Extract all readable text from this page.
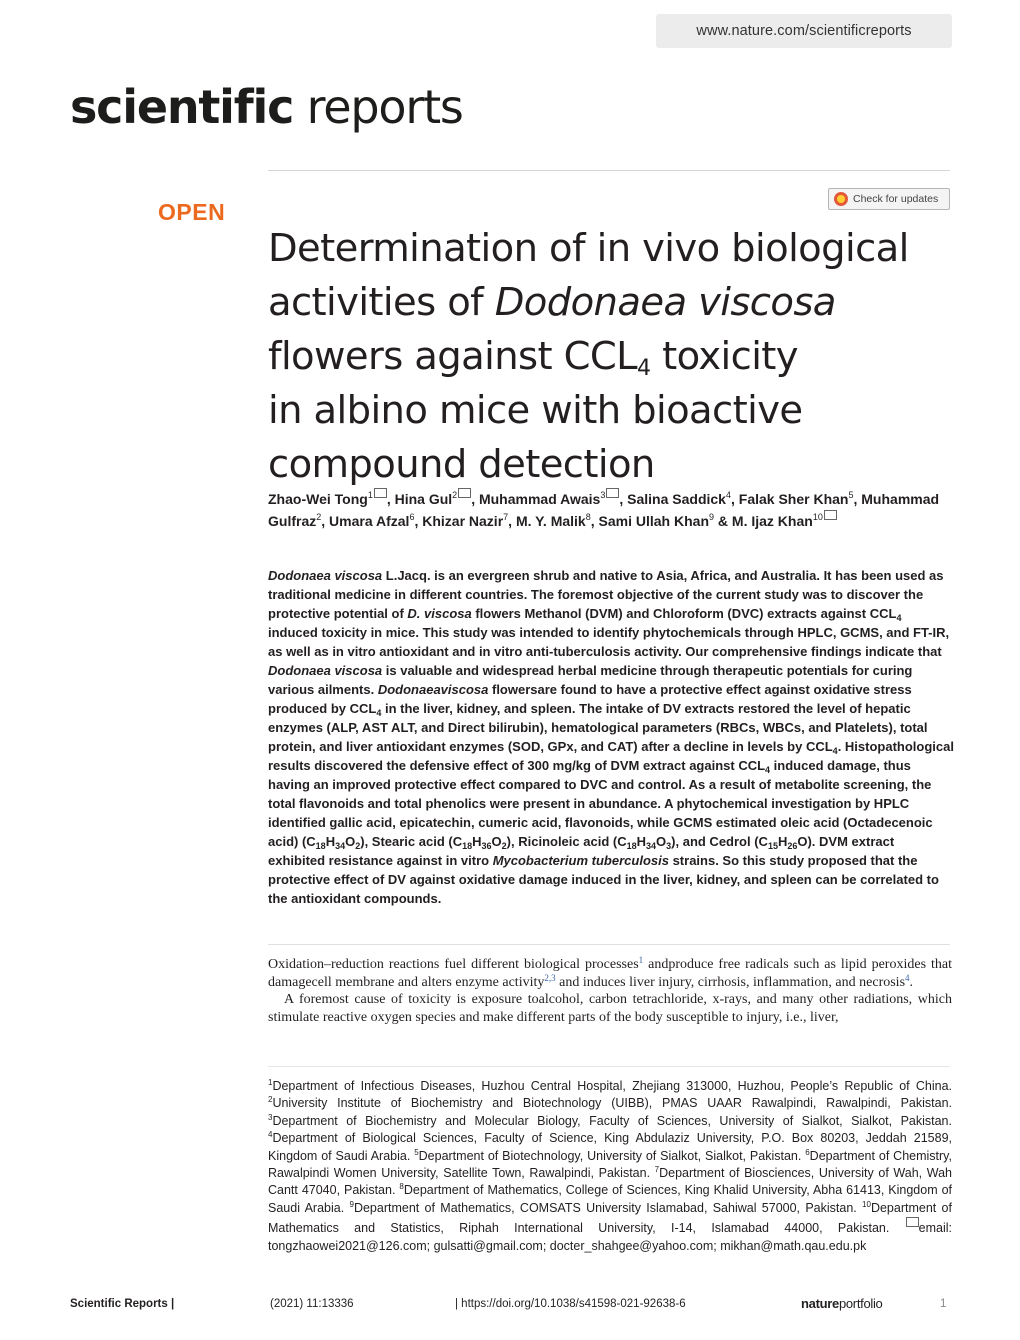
www.nature.com/scientificreports
scientific reports
Check for updates
OPEN
Determination of in vivo biological
activities of Dodonaea viscosa
flowers against $CCL_4$ toxicity
in albino mice with bioactive
compound detection
Zhao-Wei Tong$^1$ , Hina Gul$^2$ , Muhammad Awais$^3$ , Salina Saddick$^4$, Falak Sher Khan$^5$, Muhammad Gulfraz$^2$, Umara Afzal$^6$, Khizar Nazir$^7$, M. Y. Malik$^8$, Sami Ullah Khan$^9$ & M. Ijaz Khan$^{10}$

Dodonaea viscosa L.Jacq. is an evergreen shrub and native to Asia, Africa, and Australia. It has been used as traditional medicine in different countries. The foremost objective of the current study was to discover the protective potential of D. viscosa flowers Methanol (DVM) and Chloroform (DVC) extracts against $CCL_4$ induced toxicity in mice. This study was intended to identify phytochemicals through HPLC, GCMS, and FT-IR, as well as in vitro antioxidant and in vitro anti-tuberculosis activity. Our comprehensive findings indicate that Dodonaea viscosa is valuable and widespread herbal medicine through therapeutic potentials for curing various ailments. Dodonaeaviscosa flowersare found to have a protective effect against oxidative stress produced by $CCL_4$ in the liver, kidney, and spleen. The intake of DV extracts restored the level of hepatic enzymes (ALP, AST ALT, and Direct bilirubin), hematological parameters (RBCs, WBCs, and Platelets), total protein, and liver antioxidant enzymes (SOD, GPx, and CAT) after a decline in levels by $CCL_4$. Histopathological results discovered the defensive effect of 300 mg/kg of DVM extract against $CCL_4$ induced damage, thus having an improved protective effect compared to DVC and control. As a result of metabolite screening, the total flavonoids and total phenolics were present in abundance. A phytochemical investigation by HPLC identified gallic acid, epicatechin, cumeric acid, flavonoids, while GCMS estimated oleic acid (Octadecenoic acid) $(C_{18}H_{34}O_2)$, Stearic acid $(C_{18}H_{36}O_2)$, Ricinoleic acid $(C_{18}H_{34}O_3)$, and Cedrol $(C_{15}H_{26}O)$. DVM extract exhibited resistance against in vitro Mycobacterium tuberculosis strains. So this study proposed that the protective effect of DV against oxidative damage induced in the liver, kidney, and spleen can be correlated to the antioxidant compounds.

Oxidation–reduction reactions fuel different biological processes$^1$ andproduce free radicals such as lipid peroxides that damagecell membrane and alters enzyme activity$^{2,3}$ and induces liver injury, cirrhosis, inflammation, and necrosis$^4$.

A foremost cause of toxicity is exposure toalcohol, carbon tetrachloride, x-rays, and many other radiations, which stimulate reactive oxygen species and make different parts of the body susceptible to injury, i.e., liver,

$^1$Department of Infectious Diseases, Huzhou Central Hospital, Zhejiang 313000, Huzhou, People’s Republic of China. $^2$University Institute of Biochemistry and Biotechnology (UIBB), PMAS UAAR Rawalpindi, Rawalpindi, Pakistan. $^3$Department of Biochemistry and Molecular Biology, Faculty of Sciences, University of Sialkot, Sialkot, Pakistan. $^4$Department of Biological Sciences, Faculty of Science, King Abdulaziz University, P.O. Box 80203, Jeddah 21589, Kingdom of Saudi Arabia. $^5$Department of Biotechnology, University of Sialkot, Sialkot, Pakistan. $^6$Department of Chemistry, Rawalpindi Women University, Satellite Town, Rawalpindi, Pakistan. $^7$Department of Biosciences, University of Wah, Wah Cantt 47040, Pakistan. $^8$Department of Mathematics, College of Sciences, King Khalid University, Abha 61413, Kingdom of Saudi Arabia. $^9$Department of Mathematics, COMSATS University Islamabad, Sahiwal 57000, Pakistan. $^{10}$Department of Mathematics and Statistics, Riphah International University, I-14, Islamabad 44000, Pakistan. email: tongzhaowei2021@126.com; gulsatti@gmail.com; docter_shahgee@yahoo.com; mikhan@math.qau.edu.pk
Scientific Reports |	(2021) 11:13336	| https://doi.org/10.1038/s41598-021-92638-6	natureportfolio	1
